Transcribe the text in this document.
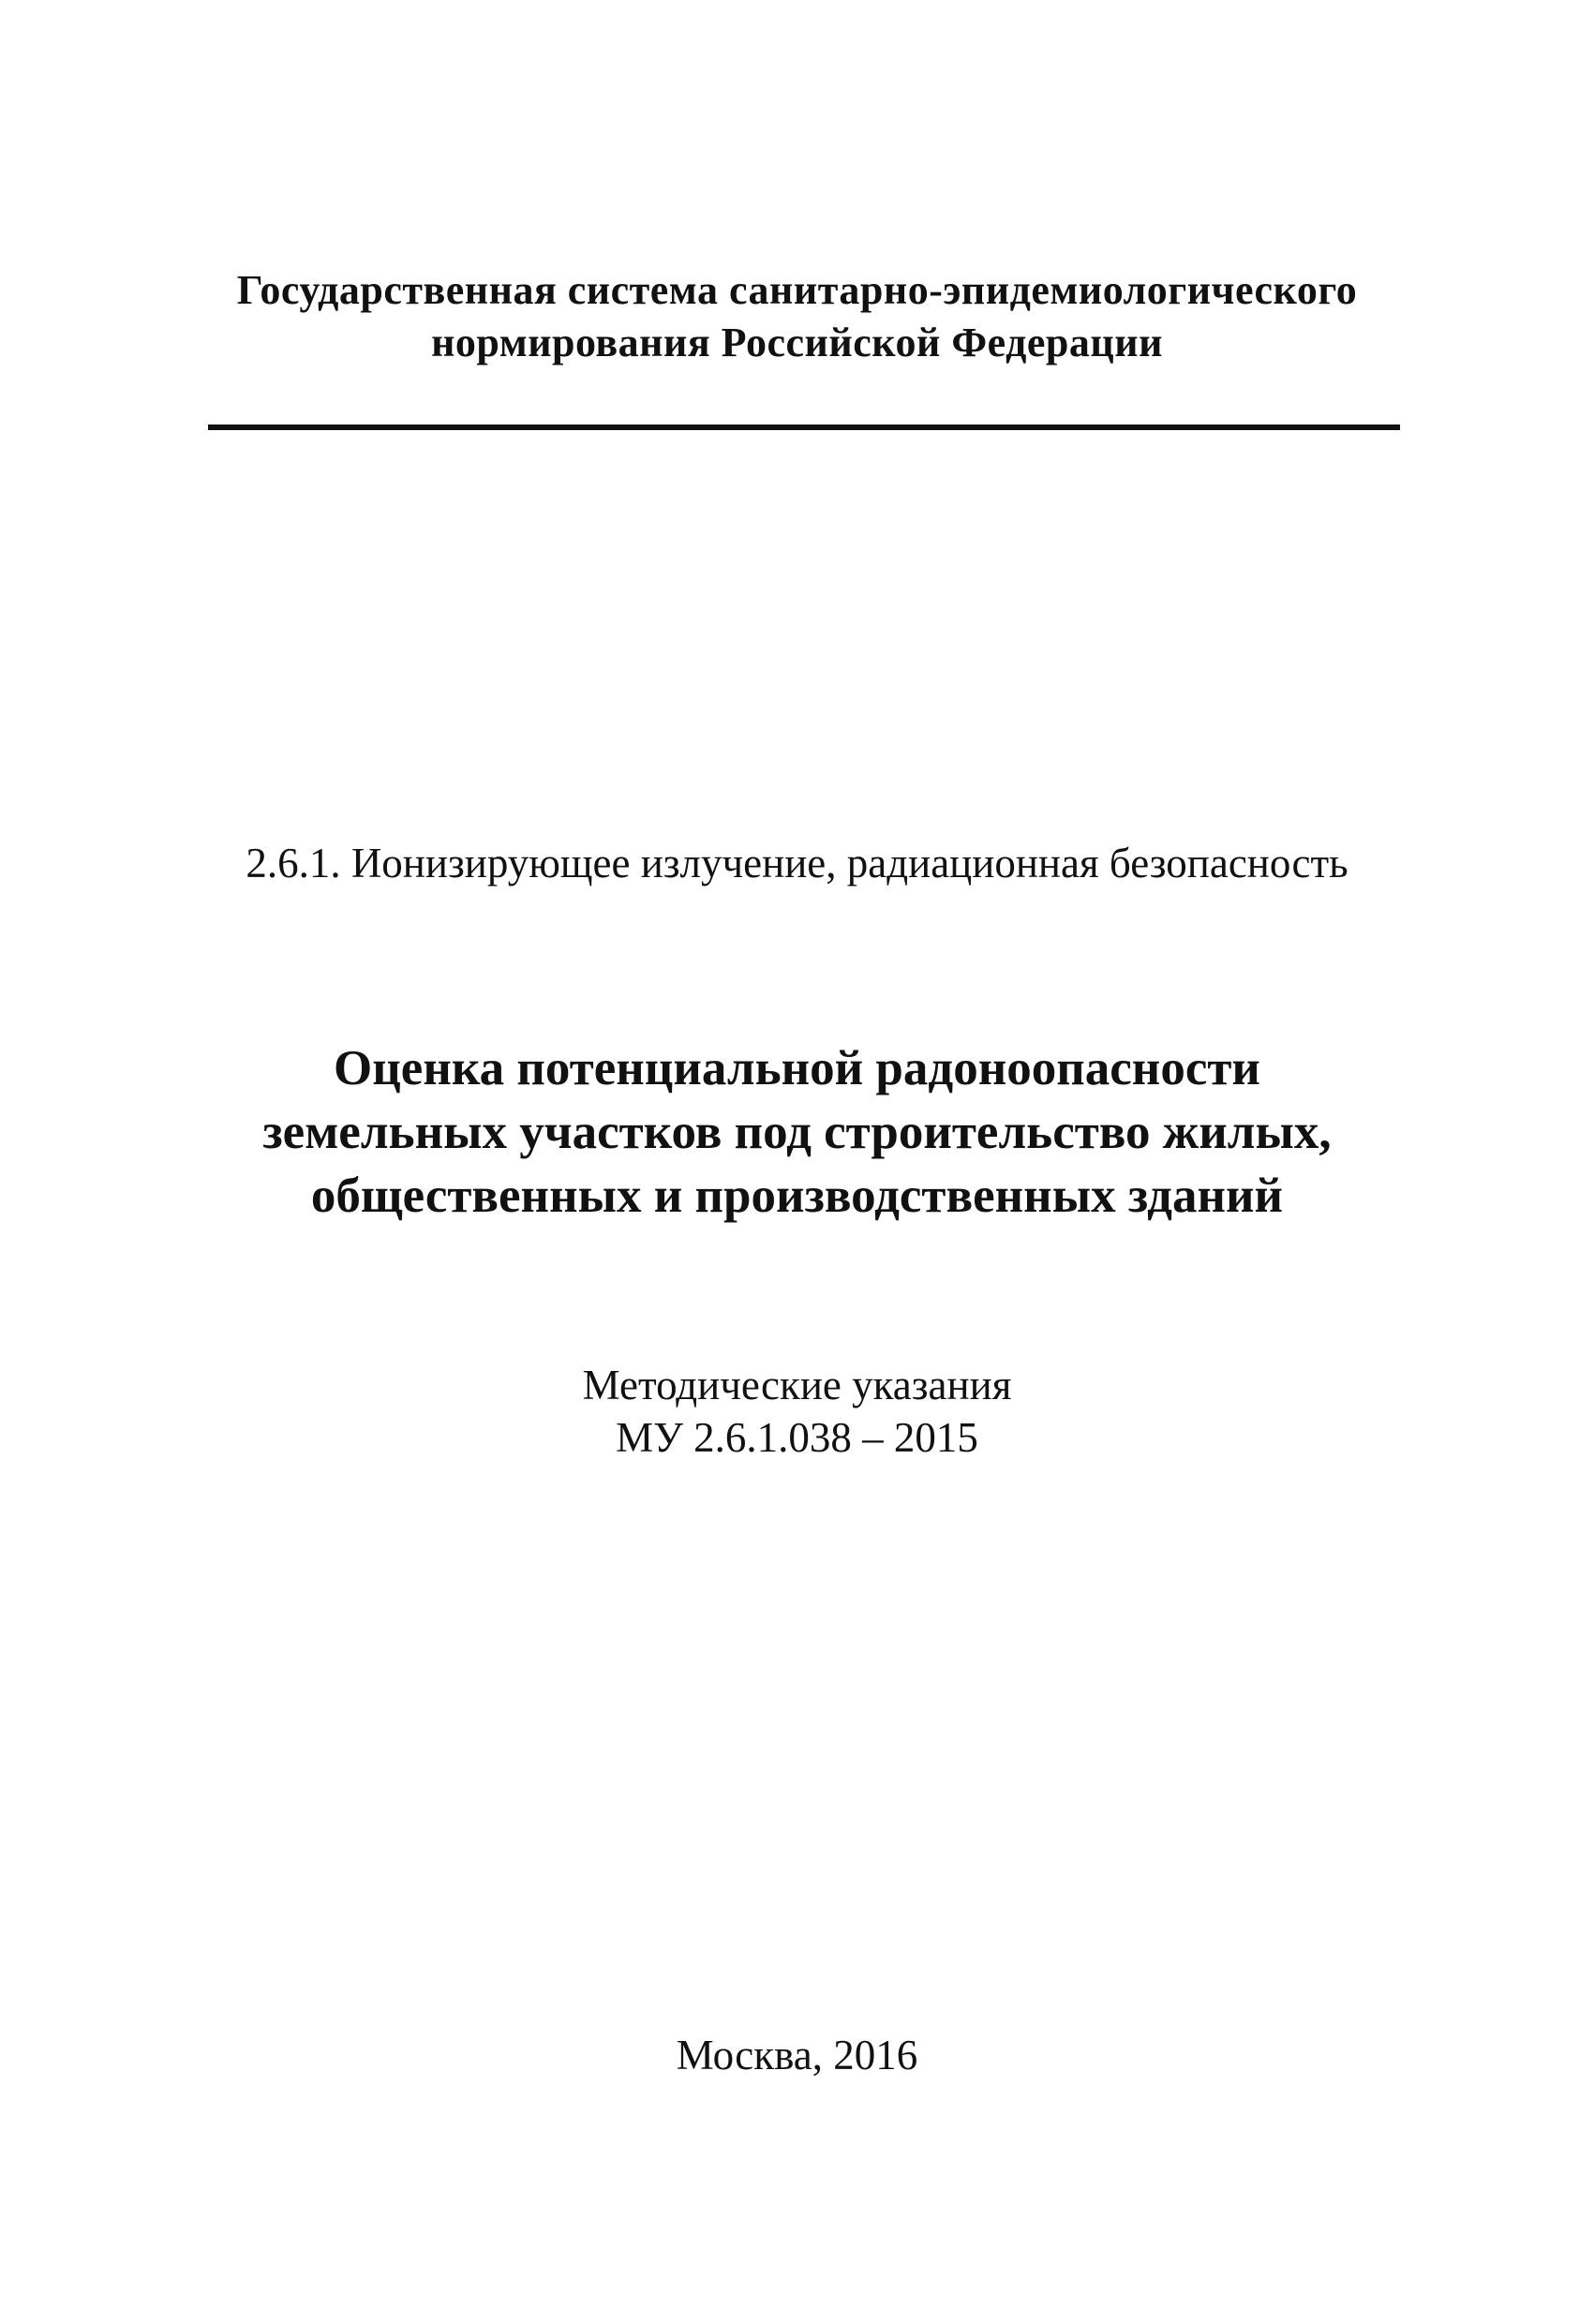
Государственная система санитарно-эпидемиологического
нормирования Российской Федерации
2.6.1. Ионизирующее излучение, радиационная безопасность
Оценка потенциальной радоноопасности
земельных участков под строительство жилых,
общественных и производственных зданий
Методические указания
МУ 2.6.1.038 – 2015
Москва, 2016
